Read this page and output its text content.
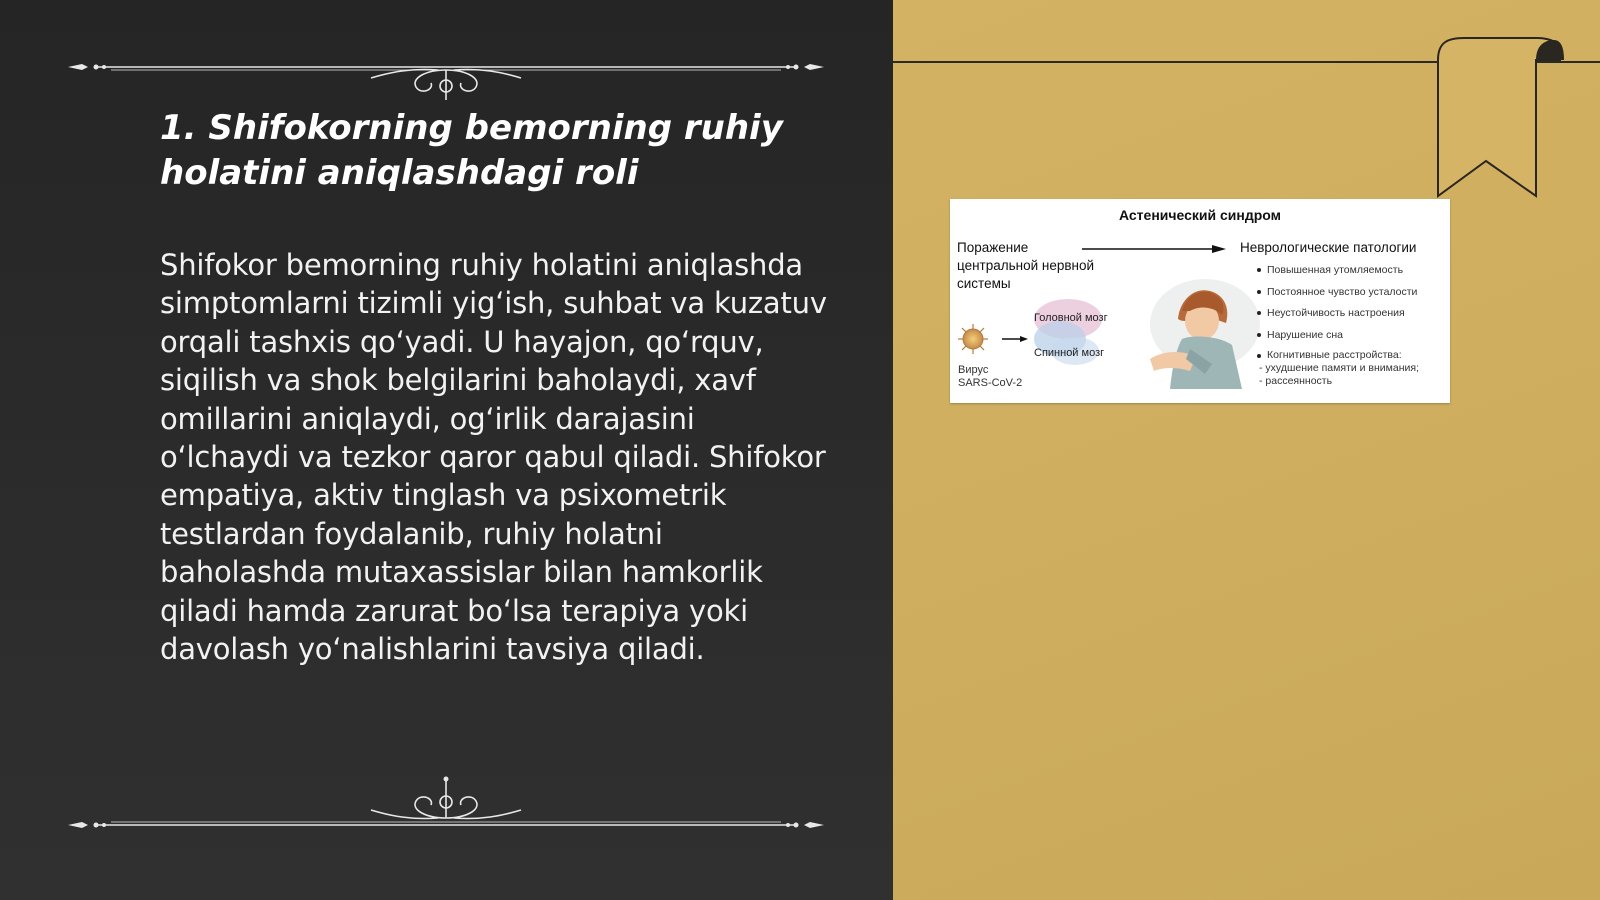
1. Shifokorning bemorning ruhiy holatini aniqlashdagi roli

Shifokor bemorning ruhiy holatini aniqlashda simptomlarni tizimli yig‘ish, suhbat va kuzatuv orqali tashxis qo‘yadi. U hayajon, qo‘rquv, siqilish va shok belgilarini baholaydi, xavf omillarini aniqlaydi, og‘irlik darajasini o‘lchaydi va tezkor qaror qabul qiladi. Shifokor empatiya, aktiv tinglash va psixometrik testlardan foydalanib, ruhiy holatni baholashda mutaxassislar bilan hamkorlik qiladi hamda zarurat bo‘lsa terapiya yoki davolash yo‘nalishlarini tavsiya qiladi.

Астенический синдром
Поражение центральной нервной системы
Неврологические патологии
Повышенная утомляемость
Постоянное чувство усталости
Неустойчивость настроения
Нарушение сна
Когнитивные расстройства:
- ухудшение памяти и внимания;
- рассеянность
Головной мозг
Спинной мозг
Вирус
SARS-CoV-2
